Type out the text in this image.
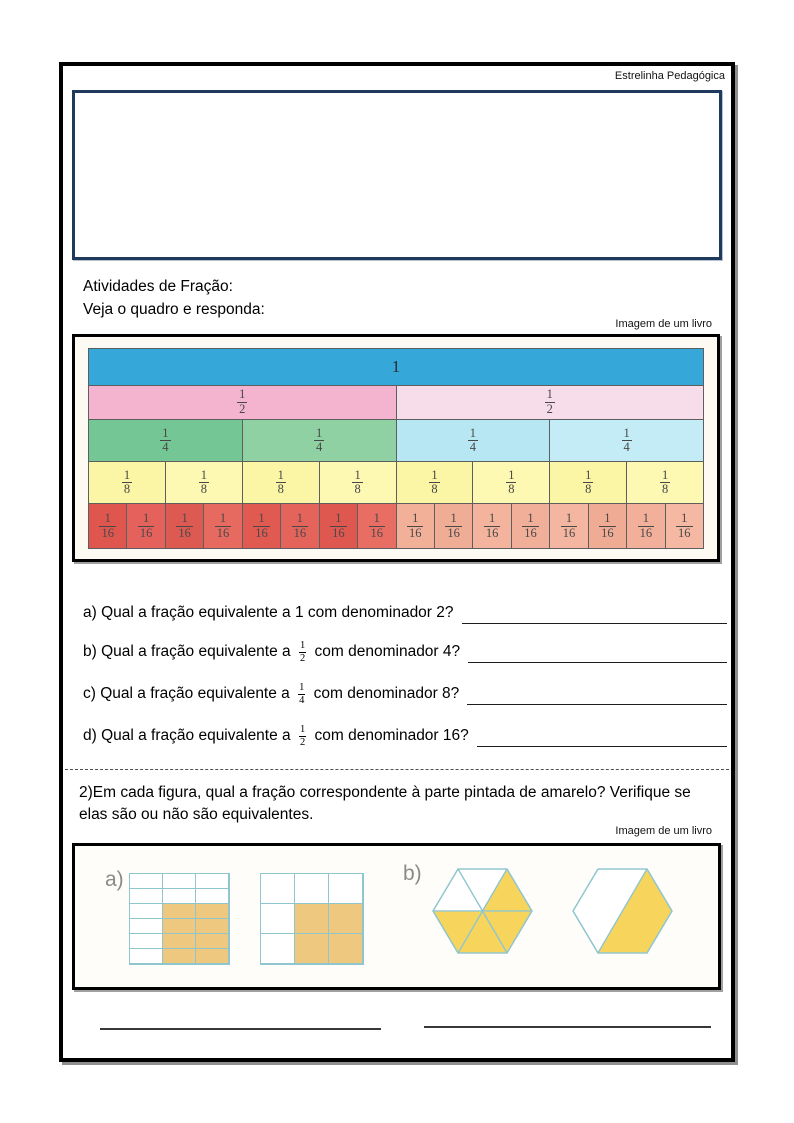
Estrelinha Pedagógica
Atividades de Fração:
Veja o quadro e responda:
Imagem de um livro
1
$\frac{1}{2}$	$\frac{1}{2}$
$\frac{1}{4}$	$\frac{1}{4}$	$\frac{1}{4}$	$\frac{1}{4}$
$\frac{1}{8}$	$\frac{1}{8}$	$\frac{1}{8}$	$\frac{1}{8}$	$\frac{1}{8}$	$\frac{1}{8}$	$\frac{1}{8}$	$\frac{1}{8}$
$\frac{1}{16} \frac{1}{16} \frac{1}{16} \frac{1}{16} \frac{1}{16} \frac{1}{16} \frac{1}{16} \frac{1}{16} \frac{1}{16} \frac{1}{16} \frac{1}{16} \frac{1}{16} \frac{1}{16} \frac{1}{16} \frac{1}{16} \frac{1}{16}$
a) Qual a fração equivalente a 1 com denominador 2?
b) Qual a fração equivalente a $\frac{1}{2}$ com denominador 4?
c) Qual a fração equivalente a $\frac{1}{4}$ com denominador 8?
d) Qual a fração equivalente a $\frac{1}{2}$ com denominador 16?
2)Em cada figura, qual a fração correspondente à parte pintada de amarelo? Verifique se
elas são ou não são equivalentes.
Imagem de um livro
a)	b)
